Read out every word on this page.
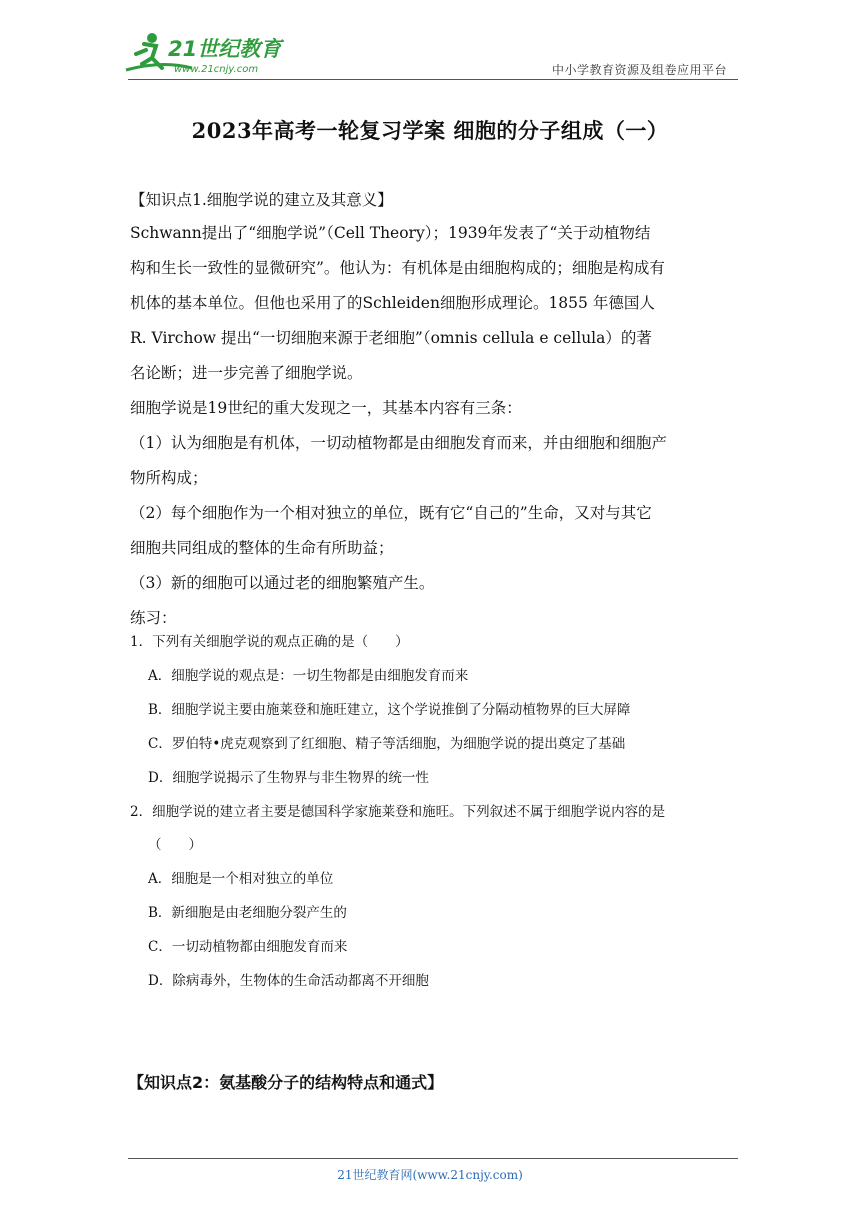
21世纪教育
www.21cnjy.com	中小学教育资源及组卷应用平台
2023年高考一轮复习学案 细胞的分子组成（一）
【知识点1.细胞学说的建立及其意义】
Schwann提出了“细胞学说”（Cell Theory）；1939年发表了“关于动植物结
构和生长一致性的显微研究”。他认为：有机体是由细胞构成的；细胞是构成有
机体的基本单位。但他也采用了的Schleiden细胞形成理论。1855 年德国人
R. Virchow 提出“一切细胞来源于老细胞”（omnis cellula e cellula）的著
名论断；进一步完善了细胞学说。
细胞学说是19世纪的重大发现之一，其基本内容有三条：
（1）认为细胞是有机体，一切动植物都是由细胞发育而来，并由细胞和细胞产
物所构成；
（2）每个细胞作为一个相对独立的单位，既有它“自己的”生命，又对与其它
细胞共同组成的整体的生命有所助益；
（3）新的细胞可以通过老的细胞繁殖产生。
练习：
1．下列有关细胞学说的观点正确的是（　　）
A．细胞学说的观点是：一切生物都是由细胞发育而来
B．细胞学说主要由施莱登和施旺建立，这个学说推倒了分隔动植物界的巨大屏障
C．罗伯特•虎克观察到了红细胞、精子等活细胞，为细胞学说的提出奠定了基础
D．细胞学说揭示了生物界与非生物界的统一性
2．细胞学说的建立者主要是德国科学家施莱登和施旺。下列叙述不属于细胞学说内容的是
（　　）
A．细胞是一个相对独立的单位
B．新细胞是由老细胞分裂产生的
C．一切动植物都由细胞发育而来
D．除病毒外，生物体的生命活动都离不开细胞
【知识点2：氨基酸分子的结构特点和通式】
21世纪教育网(www.21cnjy.com)
